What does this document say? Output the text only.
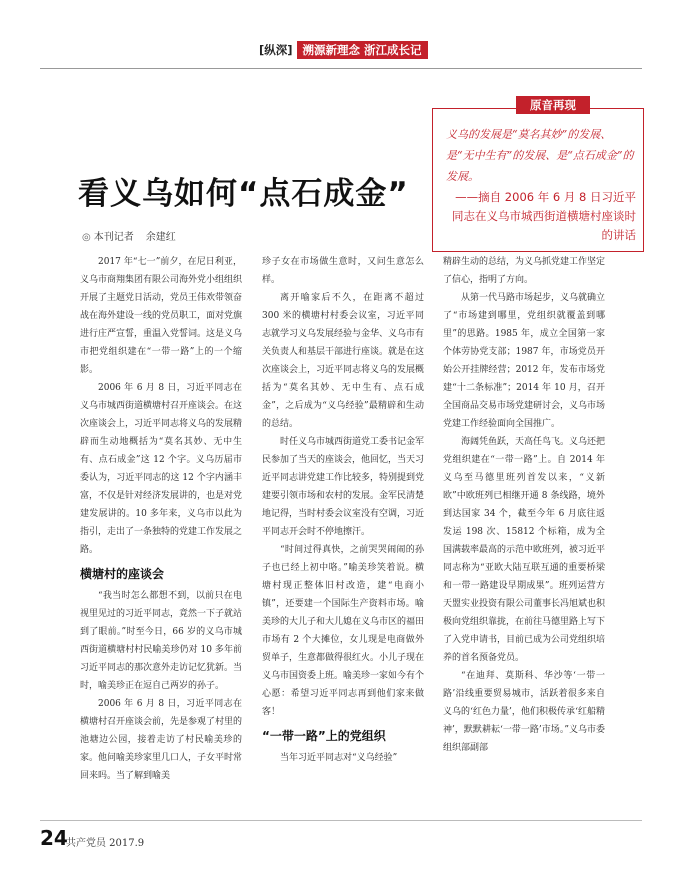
[纵深] 溯源新理念 浙江成长记
看义乌如何“点石成金”
◎ 本刊记者 余建红
原音再现
义乌的发展是“莫名其妙”的发展、是“无中生有”的发展、是“点石成金”的发展。
——摘自 2006 年 6 月 8 日习近平同志在义乌市城西街道横塘村座谈时的讲话

2017 年“七一”前夕，在尼日利亚，义乌市商翔集团有限公司海外党小组组织开展了主题党日活动，党员王伟欢带领奋战在海外建设一线的党员职工，面对党旗进行庄严宣誓，重温入党誓词。这是义乌市把党组织建在“一带一路”上的一个缩影。

2006 年 6 月 8 日，习近平同志在义乌市城西街道横塘村召开座谈会。在这次座谈会上，习近平同志将义乌的发展精辟而生动地概括为“莫名其妙、无中生有、点石成金”这 12 个字。义乌历届市委认为，习近平同志的这 12 个字内涵丰富，不仅是针对经济发展讲的，也是对党建发展讲的。10 多年来，义乌市以此为指引，走出了一条独特的党建工作发展之路。

横塘村的座谈会

“我当时怎么都想不到，以前只在电视里见过的习近平同志，竟然一下子就站到了眼前。”时至今日，66 岁的义乌市城西街道横塘村村民喻美珍仍对 10 多年前习近平同志的那次意外走访记忆犹新。当时，喻美珍正在逗自己两岁的孙子。

2006 年 6 月 8 日，习近平同志在横塘村召开座谈会前，先是参观了村里的池塘边公园，接着走访了村民喻美珍的家。他问喻美珍家里几口人，子女平时常回来吗。当了解到喻美

珍子女在市场做生意时，又问生意怎么样。

离开喻家后不久，在距离不超过 300 米的横塘村村委会议室，习近平同志就学习义乌发展经验与金华、义乌市有关负责人和基层干部进行座谈。就是在这次座谈会上，习近平同志将义乌的发展概括为“莫名其妙、无中生有、点石成金”，之后成为“义乌经验”最精辟和生动的总结。

时任义乌市城西街道党工委书记金军民参加了当天的座谈会，他回忆，当天习近平同志讲党建工作比较多，特别提到党建要引领市场和农村的发展。金军民清楚地记得，当时村委会议室没有空调，习近平同志开会时不停地擦汗。

“时间过得真快，之前哭哭闹闹的孙子也已经上初中咯。”喻美珍笑着说。横塘村现正整体旧村改造，建“电商小镇”，还要建一个国际生产资料市场。喻美珍的大儿子和大儿媳在义乌市区的福田市场有 2 个大摊位，女儿现是电商做外贸单子，生意都做得很红火。小儿子现在义乌市国资委上班。喻美珍一家如今有个心愿：希望习近平同志再到他们家来做客！

“一带一路”上的党组织

当年习近平同志对“义乌经验”

精辟生动的总结，为义乌抓党建工作坚定了信心，指明了方向。

从第一代马路市场起步，义乌就确立了“市场建到哪里，党组织就覆盖到哪里”的思路。1985 年，成立全国第一家个体劳协党支部；1987 年，市场党员开始公开挂牌经营；2012 年，发布市场党建“十二条标准”；2014 年 10 月，召开全国商品交易市场党建研讨会，义乌市场党建工作经验面向全国推广。

海阔凭鱼跃，天高任鸟飞。义乌还把党组织建在“一带一路”上。自 2014 年义乌至马德里班列首发以来，“义新欧”中欧班列已相继开通 8 条线路，境外到达国家 34 个，截至今年 6 月底往返发运 198 次、15812 个标箱，成为全国满载率最高的示范中欧班列，被习近平同志称为“亚欧大陆互联互通的重要桥梁和一带一路建设早期成果”。班列运营方天盟实业投资有限公司董事长冯旭斌也积极向党组织靠拢，在前往马德里路上写下了入党申请书，目前已成为公司党组织培养的首名预备党员。

“在迪拜、莫斯科、华沙等‘一带一路’沿线重要贸易城市，活跃着很多来自义乌的‘红色力量’，他们积极传承‘红船精神’，默默耕耘‘一带一路’市场。”义乌市委组织部副部

24
共产党员 2017.9
